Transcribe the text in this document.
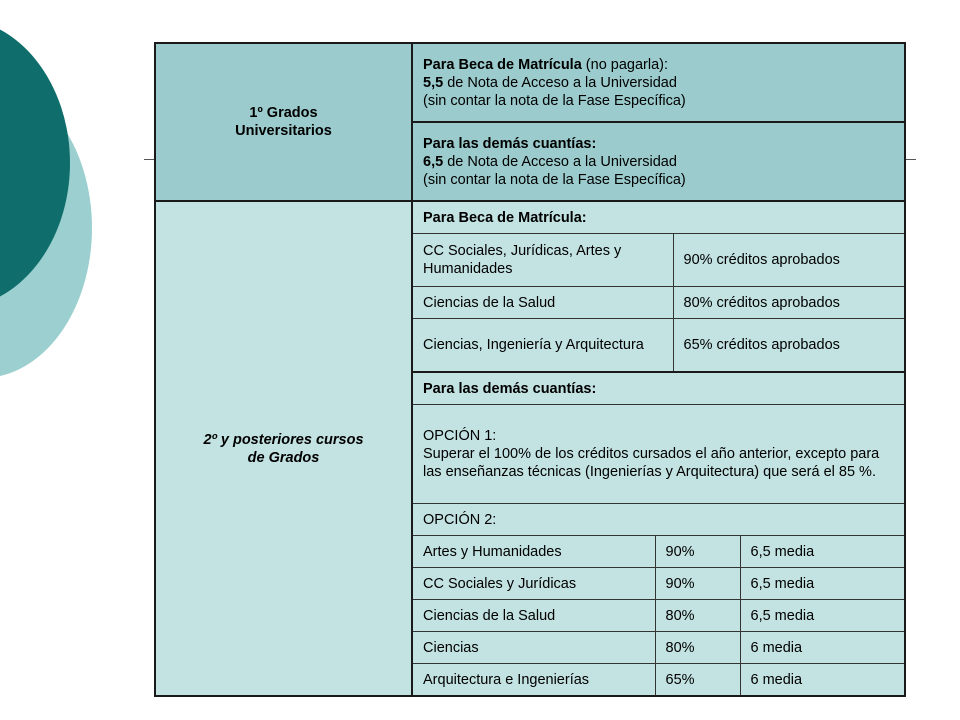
1º Grados
Universitarios	Para Beca de Matrícula (no pagarla):
5,5 de Nota de Acceso a la Universidad
(sin contar la nota de la Fase Específica)
Para las demás cuantías:
6,5 de Nota de Acceso a la Universidad
(sin contar la nota de la Fase Específica)
2º y posteriores cursos
de Grados	
Para Beca de Matrícula:
CC Sociales, Jurídicas, Artes y Humanidades	90% créditos aprobados
Ciencias de la Salud	80% créditos aprobados
Ciencias, Ingeniería y Arquitectura	65% créditos aprobados
Para las demás cuantías:
OPCIÓN 1:
Superar el 100% de los créditos cursados el año anterior, excepto para las enseñanzas técnicas (Ingenierías y Arquitectura) que será el 85 %.
OPCIÓN 2:
Artes y Humanidades	90%	6,5 media
CC Sociales y Jurídicas	90%	6,5 media
Ciencias de la Salud	80%	6,5 media
Ciencias	80%	6 media
Arquitectura e Ingenierías	65%	6 media
